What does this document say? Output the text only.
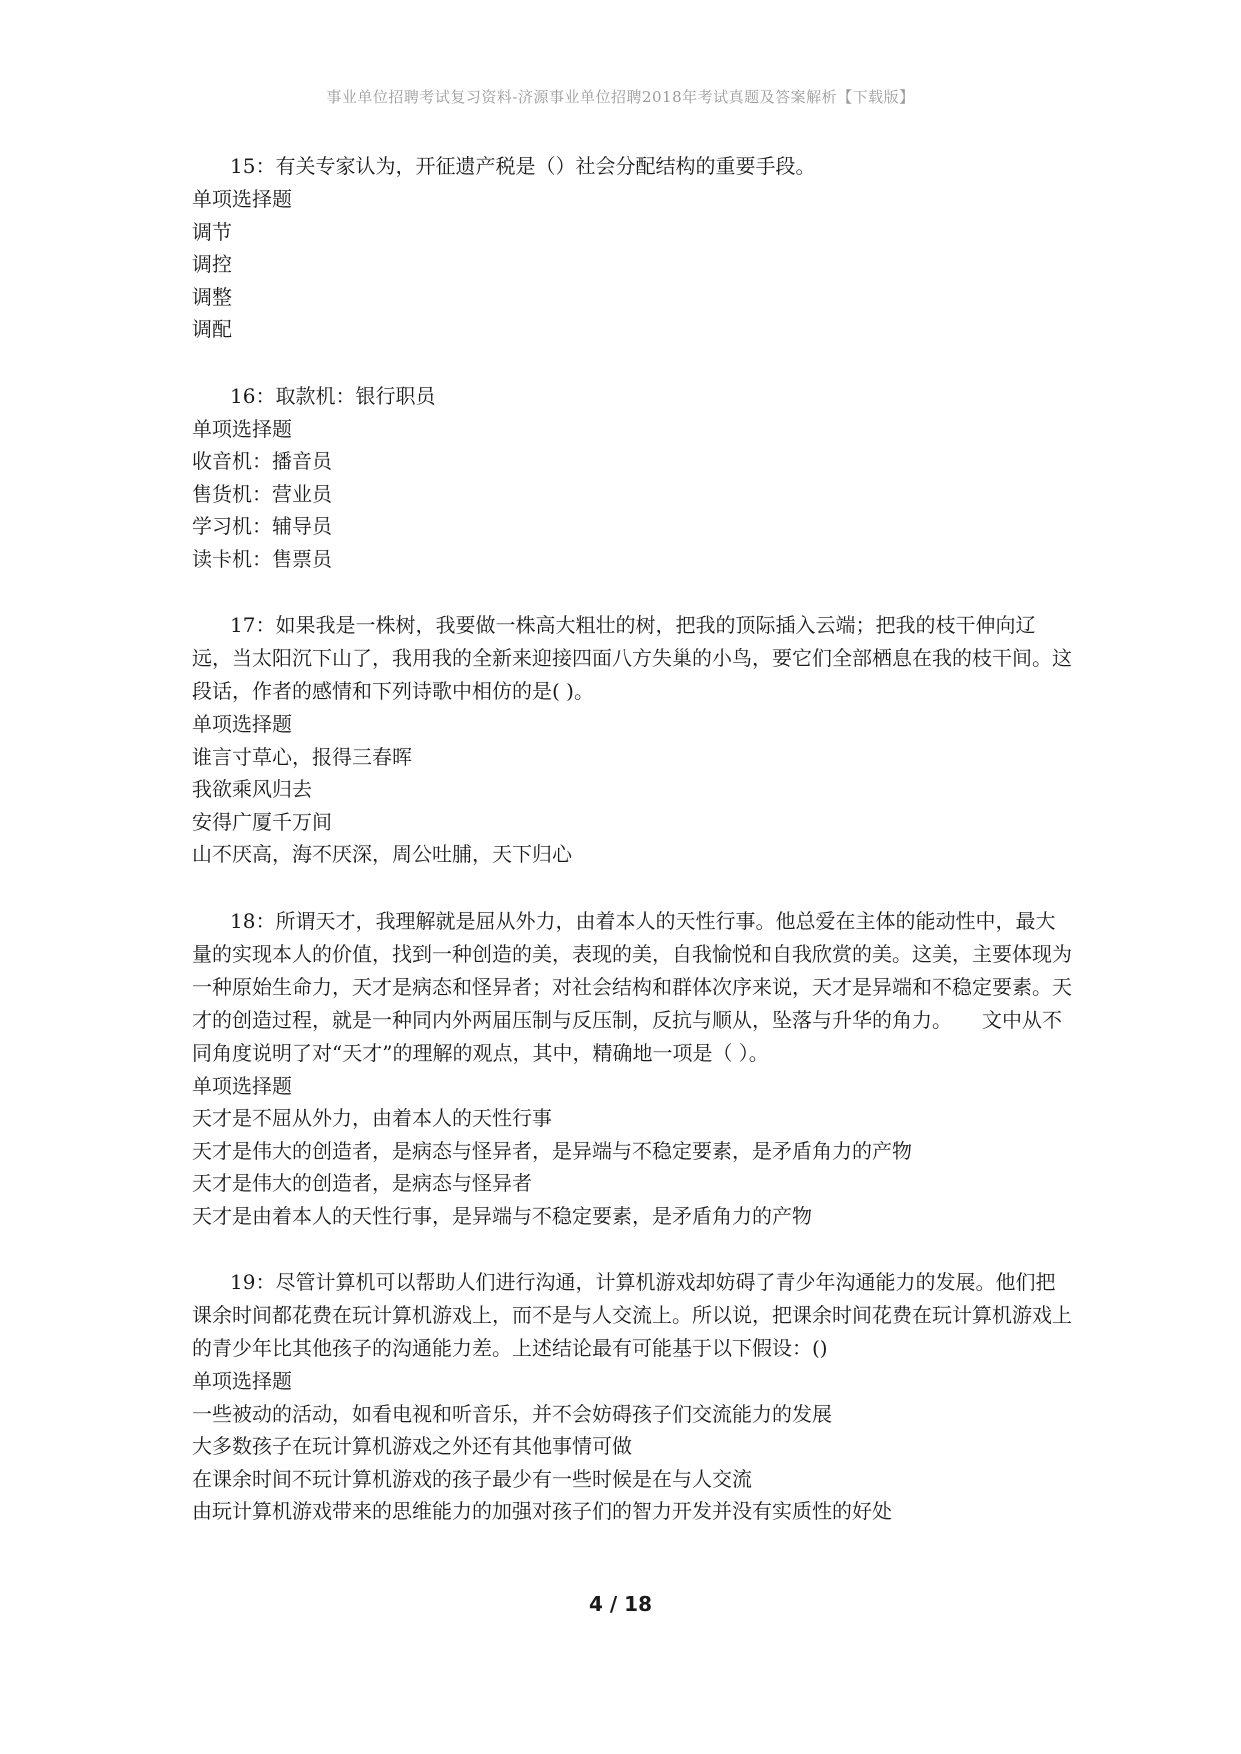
事业单位招聘考试复习资料-济源事业单位招聘2018年考试真题及答案解析【下载版】

15：有关专家认为，开征遗产税是（）社会分配结构的重要手段。

单项选择题

调节

调控

调整

调配

16：取款机：银行职员

单项选择题

收音机：播音员

售货机：营业员

学习机：辅导员

读卡机：售票员

17：如果我是一株树，我要做一株高大粗壮的树，把我的顶际插入云端；把我的枝干伸向辽远，当太阳沉下山了，我用我的全新来迎接四面八方失巢的小鸟，要它们全部栖息在我的枝干间。这段话，作者的感情和下列诗歌中相仿的是( )。

单项选择题

谁言寸草心，报得三春晖

我欲乘风归去

安得广厦千万间

山不厌高，海不厌深，周公吐脯，天下归心

18：所谓天才，我理解就是屈从外力，由着本人的天性行事。他总爱在主体的能动性中，最大量的实现本人的价值，找到一种创造的美，表现的美，自我愉悦和自我欣赏的美。这美，主要体现为一种原始生命力，天才是病态和怪异者；对社会结构和群体次序来说，天才是异端和不稳定要素。天才的创造过程，就是一种同内外两届压制与反压制，反抗与顺从，坠落与升华的角力。　　文中从不同角度说明了对“天才”的理解的观点，其中，精确地一项是（ ）。

单项选择题

天才是不屈从外力，由着本人的天性行事

天才是伟大的创造者，是病态与怪异者，是异端与不稳定要素，是矛盾角力的产物

天才是伟大的创造者，是病态与怪异者

天才是由着本人的天性行事，是异端与不稳定要素，是矛盾角力的产物

19：尽管计算机可以帮助人们进行沟通，计算机游戏却妨碍了青少年沟通能力的发展。他们把课余时间都花费在玩计算机游戏上，而不是与人交流上。所以说，把课余时间花费在玩计算机游戏上的青少年比其他孩子的沟通能力差。上述结论最有可能基于以下假设：()

单项选择题

一些被动的活动，如看电视和听音乐，并不会妨碍孩子们交流能力的发展

大多数孩子在玩计算机游戏之外还有其他事情可做

在课余时间不玩计算机游戏的孩子最少有一些时候是在与人交流

由玩计算机游戏带来的思维能力的加强对孩子们的智力开发并没有实质性的好处

4 / 18
